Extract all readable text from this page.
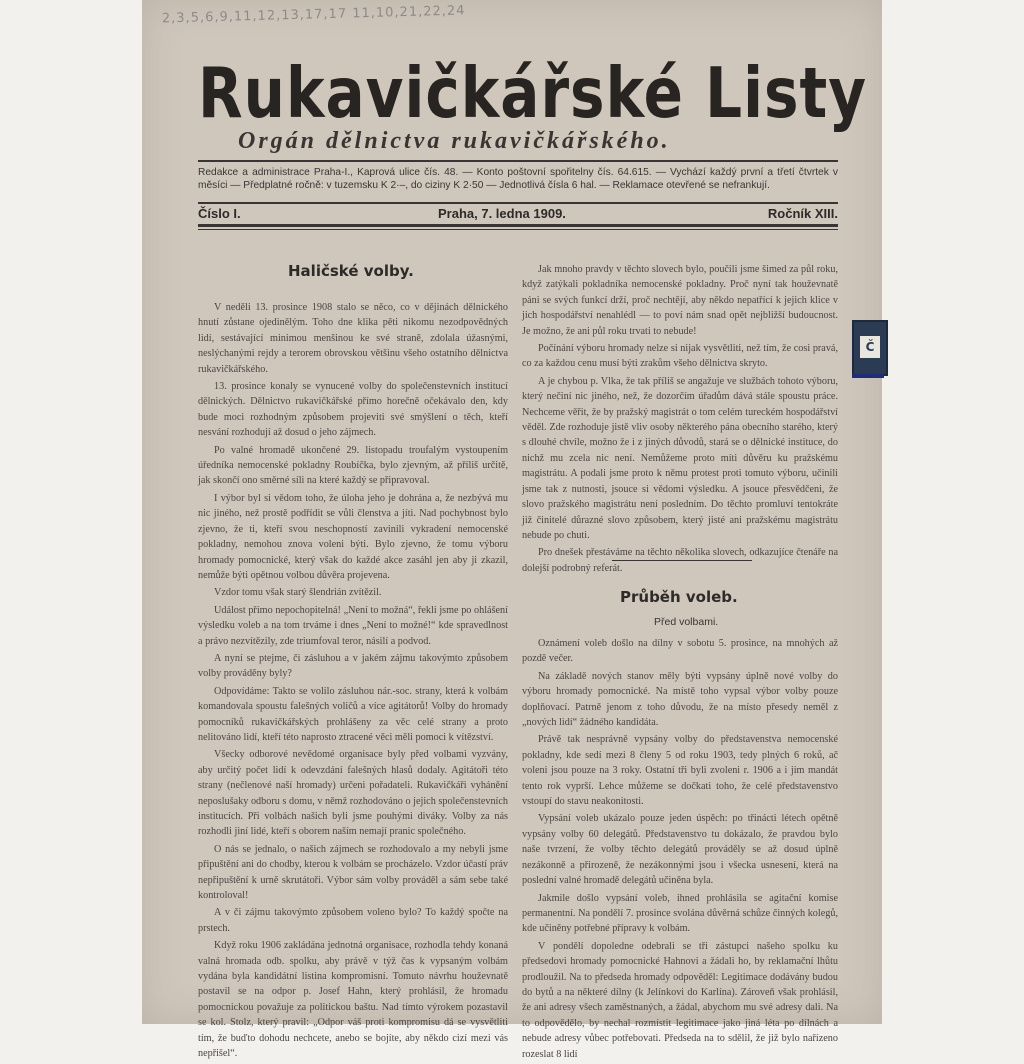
2,3,5,6,9,11,12,13,17,17 11,10,21,22,24
Rukavičkářské Listy
Orgán dělnictva rukavičkářského.
Redakce a administrace Praha-I., Kaprová ulice čís. 48. — Konto poštovní spořitelny čís. 64.615. — Vychází každý první a třetí čtvrtek v měsíci — Předplatné ročně: v tuzemsku K 2·–, do ciziny K 2·50 — Jednotlivá čísla 6 hal. — Reklamace otevřené se nefrankují.
Číslo I.	Praha, 7. ledna 1909.	Ročník XIII.
Haličské volby.

V neděli 13. prosince 1908 stalo se něco, co v dějinách dělnického hnutí zůstane ojedinělým. Toho dne klika pěti nikomu nezodpovědných lidí, sestávající minimou menšinou ke své straně, zdolala úžasnými, neslýchanými rejdy a terorem obrovskou většinu všeho ostatního dělnictva rukavičkářského.

13. prosince konaly se vynucené volby do společenstevních institucí dělnických. Dělnictvo rukavičkářské přímo horečně očekávalo den, kdy bude moci rozhodným způsobem projeviti své smýšlení o těch, kteří nesvání rozhodují až dosud o jeho zájmech.

Po valné hromadě ukončené 29. listopadu troufalým vystoupením úředníka nemocenské pokladny Roubíčka, bylo zjevným, až příliš určitě, jak skončí ono směrné síli na které každý se připravoval.

I výbor byl si vědom toho, že úloha jeho je dohrána a, že nezbývá mu nic jiného, než prostě podřídit se vůli členstva a jíti. Nad pochybnost bylo zjevno, že ti, kteří svou neschopností zavinili vykradení nemocenské pokladny, nemohou znova voleni býti. Bylo zjevno, že tomu výboru hromady pomocnické, který však do každé akce zasáhl jen aby ji zkazil, nemůže býti opětnou volbou důvěra projevena.

Vzdor tomu však starý šlendrián zvítězil.

Událost přímo nepochopitelná! „Není to možná“, řekli jsme po ohlášení výsledku voleb a na tom trváme i dnes „Není to možné!“ kde spravedlnost a právo nezvítězily, zde triumfoval teror, násilí a podvod.

A nyní se ptejme, či zásluhou a v jakém zájmu takovýmto způsobem volby prováděny byly?

Odpovídáme: Takto se volilo zásluhou nár.-soc. strany, která k volbám komandovala spoustu falešných voličů a více agitátorů! Volby do hromady pomocníků rukavičkářských prohlášeny za věc celé strany a proto nelitováno lidí, kteří této naprosto ztracené věci měli pomoci k vítězství.

Všecky odborové nevědomé organisace byly před volbami vyzvány, aby určitý počet lidí k odevzdání falešných hlasů dodaly. Agitátoři této strany (nečlenové naší hromady) určeni pořadateli. Rukavičkáři vyhánění neposlušaky odboru s domu, v němž rozhodováno o jejich společenstevních institucích. Při volbách našich byli jsme pouhými diváky. Volby za nás rozhodli jiní lidé, kteří s oborem naším nemají pranic společného.

O nás se jednalo, o našich zájmech se rozhodovalo a my nebyli jsme připuštění ani do chodby, kterou k volbám se procházelo. Vzdor účastí práv nepřipuštění k urně skrutátoři. Výbor sám volby prováděl a sám sebe také kontroloval!

A v či zájmu takovýmto způsobem voleno bylo? To každý spočte na prstech.

Když roku 1906 zakládána jednotná organisace, rozhodla tehdy konaná valná hromada odb. spolku, aby právě v týž čas k vypsaným volbám vydána byla kandidátní listina kompromisní. Tomuto návrhu houževnatě postavil se na odpor p. Josef Hahn, který prohlásil, že hromadu pomocnickou považuje za politickou baštu. Nad tímto výrokem pozastavil se kol. Stolz, který pravil: „Odpor váš proti kompromisu dá se vysvětliti tím, že buďto dohodu nechcete, anebo se bojíte, aby někdo cizí mezi vás nepřišel“.

Jak mnoho pravdy v těchto slovech bylo, poučili jsme šimed za půl roku, když zatýkali pokladníka nemocenské pokladny. Proč nyní tak houževnatě páni se svých funkcí drží, proč nechtějí, aby někdo nepatřící k jejich klice v jich hospodářství nenahlédl — to poví nám snad opět nejbližší budoucnost. Je možno, že ani půl roku trvati to nebude!

Počínání výboru hromady nelze si nijak vysvětliti, než tím, že cosi pravá, co za každou cenu musí býti zrakům všeho dělnictva skryto.

A je chybou p. Vlka, že tak příliš se angažuje ve službách tohoto výboru, který nečiní nic jiného, než, že dozorčím úřadům dává stále spoustu práce. Nechceme věřit, že by pražský magistrát o tom celém tureckém hospodářství věděl. Zde rozhoduje jistě vliv osoby některého pána obecního starého, který s dlouhé chvíle, možno že i z jiných důvodů, stará se o dělnické instituce, do nichž mu zcela nic není. Nemůžeme proto míti důvěru ku pražskému magistrátu. A podali jsme proto k němu protest proti tomuto výboru, učinili jsme tak z nutnosti, jsouce si vědomi výsledku. A jsouce přesvědčeni, že slovo pražského magistrátu není posledním. Do těchto promluví tentokráte již činitelé důrazné slovo způsobem, který jisté ani pražskému magistrátu nebude po chuti.

Pro dnešek přestáváme na těchto několika slovech, odkazujíce čtenáře na dolejší podrobný referát.

Průběh voleb.
Před volbami.

Oznámení voleb došlo na dílny v sobotu 5. prosince, na mnohých až pozdě večer.

Na základě nových stanov měly býti vypsány úplně nové volby do výboru hromady pomocnické. Na místě toho vypsal výbor volby pouze doplňovací. Patrně jenom z toho důvodu, že na místo přesedy neměl z „nových lidí“ žádného kandidáta.

Právě tak nesprávně vypsány volby do představenstva nemocenské pokladny, kde sedí mezi 8 členy 5 od roku 1903, tedy plných 6 roků, ač voleni jsou pouze na 3 roky. Ostatní tři byli zvoleni r. 1906 a i jim mandát tento rok vyprší. Lehce můžeme se dočkati toho, že celé představenstvo vstoupí do stavu neakonitosti.

Vypsání voleb ukázalo pouze jeden úspěch: po třinácti létech opětně vypsány volby 60 delegátů. Představenstvo tu dokázalo, že pravdou bylo naše tvrzení, že volby těchto delegátů prováděly se až dosud úplně nezákonně a přirozeně, že nezákonnými jsou i všecka usnesení, která na poslední valné hromadě delegátů učiněna byla.

Jakmile došlo vypsání voleb, ihned prohlásila se agitační komise permanentní. Na pondělí 7. prosince svolána důvěrná schůze činných kolegů, kde učiněny potřebné přípravy k volbám.

V pondělí dopoledne odebrali se tři zástupci našeho spolku ku předsedovi hromady pomocnické Hahnovi a žádali ho, by reklamační lhůtu prodloužil. Na to předseda hromady odpověděl: Legitimace dodávány budou do bytů a na některé dílny (k Jelínkovi do Karlína). Zároveň však prohlásil, že ani adresy všech zaměstnaných, a žádal, abychom mu své adresy dali. Na to odpovědělo, by nechal rozmístit legitimace jako jiná léta po dílnách a nebude adresy vůbec potřebovati. Předseda na to sdělil, že již bylo nařízeno rozeslat 8 lidí

Č
